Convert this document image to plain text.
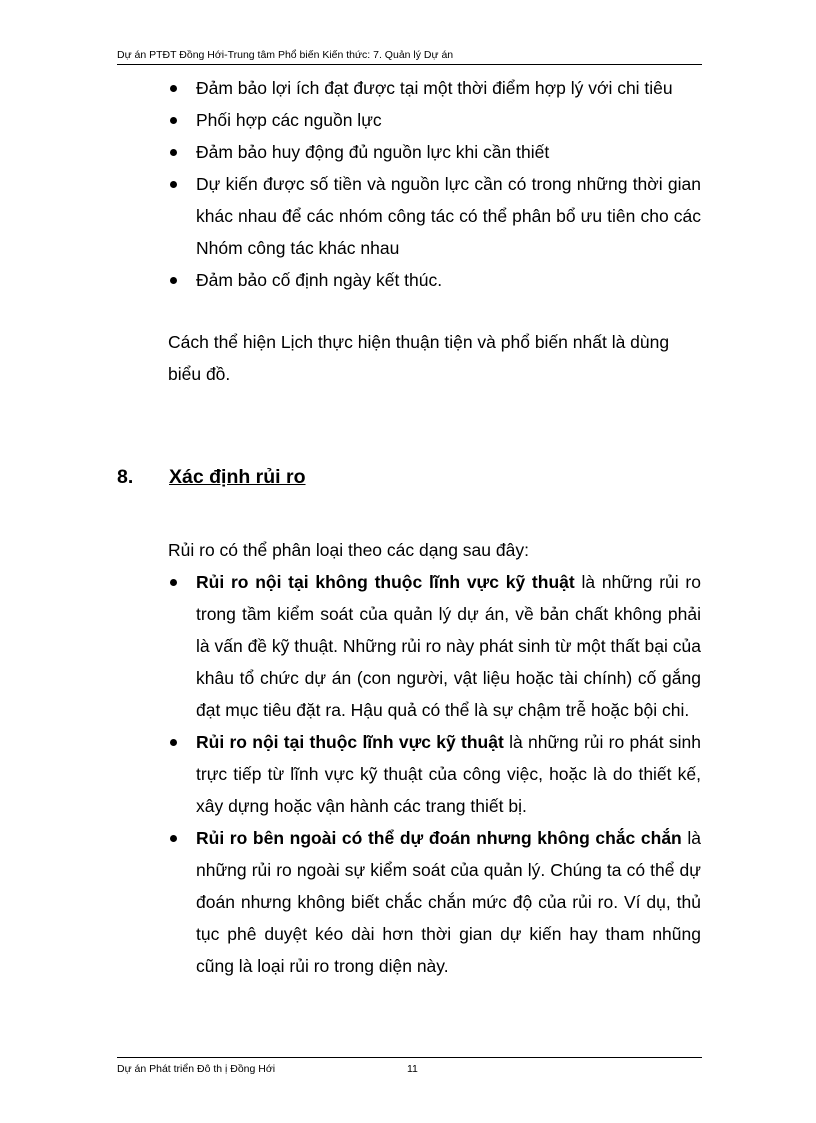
Dự án PTĐT Đồng Hới-Trung tâm Phổ biến Kiến thức: 7. Quản lý Dự án
Đảm bảo lợi ích đạt được tại một thời điểm hợp lý với chi tiêu
Phối hợp các nguồn lực
Đảm bảo huy động đủ nguồn lực khi cần thiết
Dự kiến được số tiền và nguồn lực cần có trong những thời gian khác nhau để các nhóm công tác có thể phân bổ ưu tiên cho các Nhóm công tác khác nhau
Đảm bảo cố định ngày kết thúc.

Cách thể hiện Lịch thực hiện thuận tiện và phổ biến nhất là dùng biểu đồ.

8. Xác định rủi ro

Rủi ro có thể phân loại theo các dạng sau đây:

Rủi ro nội tại không thuộc lĩnh vực kỹ thuật là những rủi ro trong tầm kiểm soát của quản lý dự án, về bản chất không phải là vấn đề kỹ thuật. Những rủi ro này phát sinh từ một thất bại của khâu tổ chức dự án (con người, vật liệu hoặc tài chính) cố gắng đạt mục tiêu đặt ra. Hậu quả có thể là sự chậm trễ hoặc bội chi.
Rủi ro nội tại thuộc lĩnh vực kỹ thuật là những rủi ro phát sinh trực tiếp từ lĩnh vực kỹ thuật của công việc, hoặc là do thiết kế, xây dựng hoặc vận hành các trang thiết bị.
Rủi ro bên ngoài có thể dự đoán nhưng không chắc chắn là những rủi ro ngoài sự kiểm soát của quản lý. Chúng ta có thể dự đoán nhưng không biết chắc chắn mức độ của rủi ro. Ví dụ, thủ tục phê duyệt kéo dài hơn thời gian dự kiến hay tham nhũng cũng là loại rủi ro trong diện này.
Dự án Phát triển Đô th ị Đồng Hới	11
